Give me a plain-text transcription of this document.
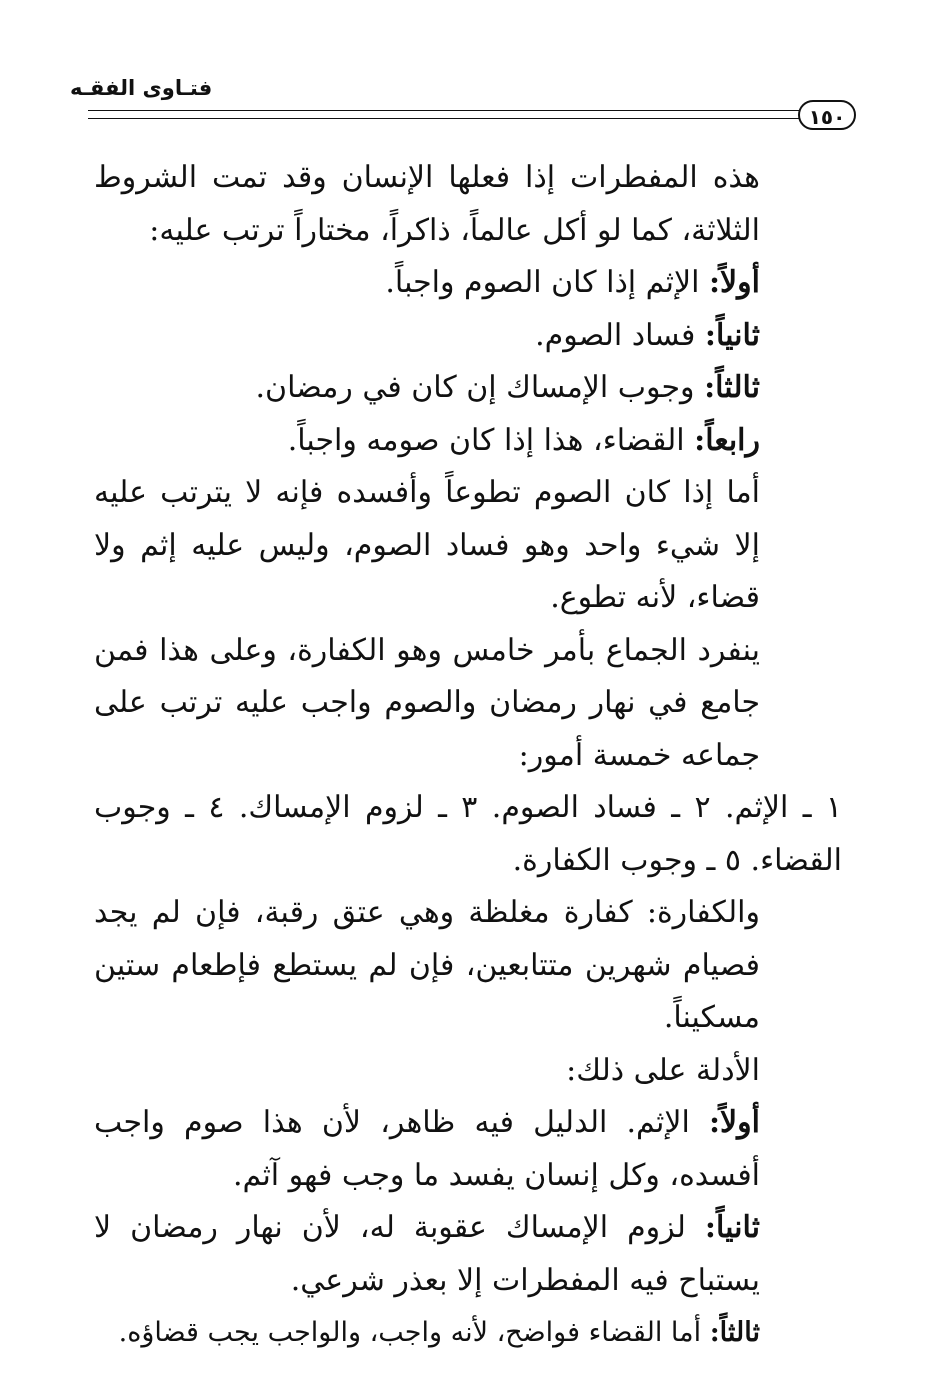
فتـاوى الفقـه
١٥٠

هذه المفطرات إذا فعلها الإنسان وقد تمت الشروط الثلاثة، كما لو أكل عالماً، ذاكراً، مختاراً ترتب عليه:

أولاً: الإثم إذا كان الصوم واجباً.

ثانياً: فساد الصوم.

ثالثاً: وجوب الإمساك إن كان في رمضان.

رابعاً: القضاء، هذا إذا كان صومه واجباً.

أما إذا كان الصوم تطوعاً وأفسده فإنه لا يترتب عليه إلا شيء واحد وهو فساد الصوم، وليس عليه إثم ولا قضاء، لأنه تطوع.

ينفرد الجماع بأمر خامس وهو الكفارة، وعلى هذا فمن جامع في نهار رمضان والصوم واجب عليه ترتب على جماعه خمسة أمور:

١ ـ الإثم. ٢ ـ فساد الصوم. ٣ ـ لزوم الإمساك. ٤ ـ وجوب القضاء. ٥ ـ وجوب الكفارة.

والكفارة: كفارة مغلظة وهي عتق رقبة، فإن لم يجد فصيام شهرين متتابعين، فإن لم يستطع فإطعام ستين مسكيناً.

الأدلة على ذلك:

أولاً: الإثم. الدليل فيه ظاهر، لأن هذا صوم واجب أفسده، وكل إنسان يفسد ما وجب فهو آثم.

ثانياً: لزوم الإمساك عقوبة له، لأن نهار رمضان لا يستباح فيه المفطرات إلا بعذر شرعي.

ثالثاً: أما القضاء فواضح، لأنه واجب، والواجب يجب قضاؤه.
